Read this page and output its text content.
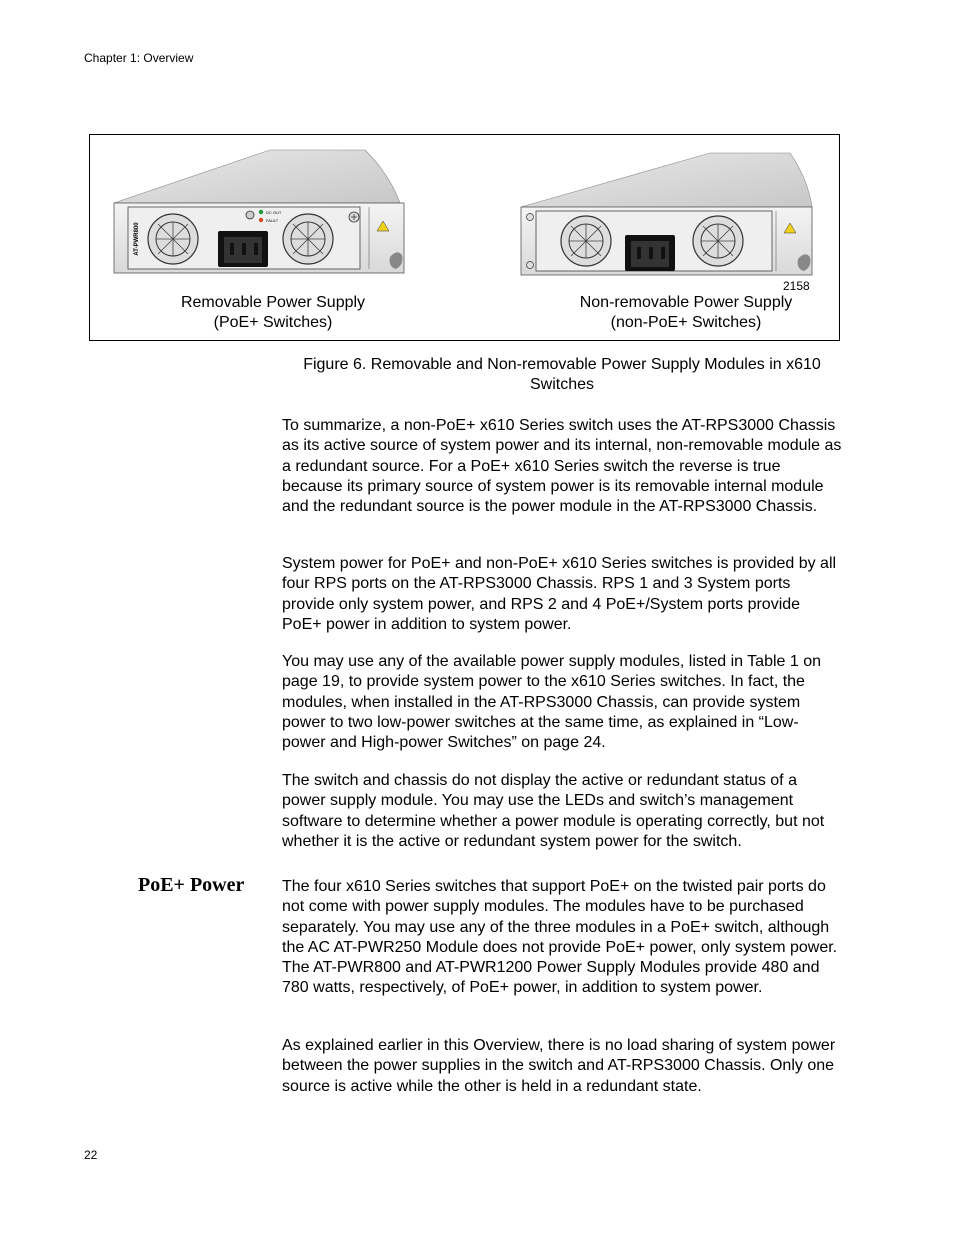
Chapter 1: Overview
AT-PWR800
DC OUT
FAULT
Removable Power Supply
(PoE+ Switches)
Non-removable Power Supply
(non-PoE+ Switches)
2158
Figure 6. Removable and Non-removable Power Supply Modules in x610 Switches
To summarize, a non-PoE+ x610 Series switch uses the AT-RPS3000 Chassis as its active source of system power and its internal, non-removable module as a redundant source. For a PoE+ x610 Series switch the reverse is true because its primary source of system power is its removable internal module and the redundant source is the power module in the AT-RPS3000 Chassis.
System power for PoE+ and non-PoE+ x610 Series switches is provided by all four RPS ports on the AT-RPS3000 Chassis. RPS 1 and 3 System ports provide only system power, and RPS 2 and 4 PoE+/System ports provide PoE+ power in addition to system power.
You may use any of the available power supply modules, listed in Table 1 on page 19, to provide system power to the x610 Series switches. In fact, the modules, when installed in the AT-RPS3000 Chassis, can provide system power to two low-power switches at the same time, as explained in “Low-power and High-power Switches” on page 24.
The switch and chassis do not display the active or redundant status of a power supply module. You may use the LEDs and switch’s management software to determine whether a power module is operating correctly, but not whether it is the active or redundant system power for the switch.
PoE+ Power The four x610 Series switches that support PoE+ on the twisted pair ports do not come with power supply modules. The modules have to be purchased separately. You may use any of the three modules in a PoE+ switch, although the AC AT-PWR250 Module does not provide PoE+ power, only system power. The AT-PWR800 and AT-PWR1200 Power Supply Modules provide 480 and 780 watts, respectively, of PoE+ power, in addition to system power.
As explained earlier in this Overview, there is no load sharing of system power between the power supplies in the switch and AT-RPS3000 Chassis. Only one source is active while the other is held in a redundant state.
22
